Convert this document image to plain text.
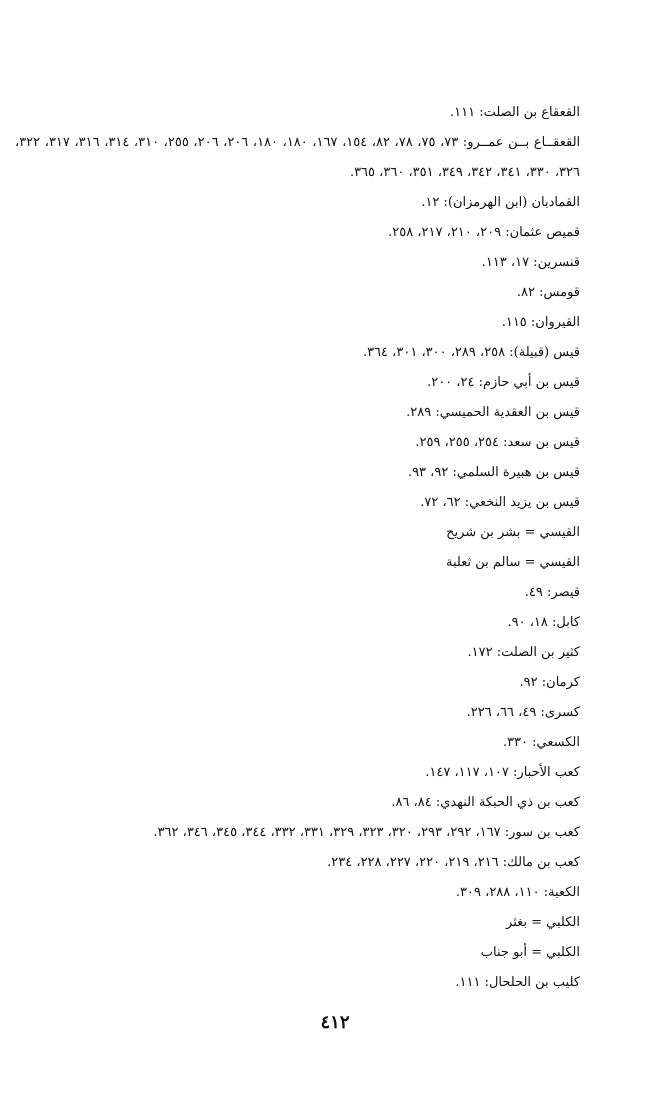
القعقاع بن الصلت: ١١١.
القعقــاع بــن عمــرو: ٧٣، ٧٥، ٧٨، ٨٢، ١٥٤، ١٦٧، ١٨٠، ١٨٠، ٢٠٦، ٢٠٦، ٢٥٥، ٣١٠، ٣١٤، ٣١٦، ٣١٧، ٣٢٢، ٣٢٦، ٣٣٠، ٣٤١، ٣٤٢، ٣٤٩، ٣٥١، ٣٦٠، ٣٦٥.
القمادبان (ابن الهرمزان): ١٢.
قميص عثمان: ٢٠٩، ٢١٠، ٢١٧، ٢٥٨.
قنسرين: ١٧، ١١٣.
قومس: ٨٢.
القيروان: ١١٥.
قيس (قبيلة): ٢٥٨، ٢٨٩، ٣٠٠، ٣٠١، ٣٦٤.
قيس بن أبي حازم: ٢٤، ٢٠٠.
قيس بن العقدية الحميسي: ٢٨٩.
قيس بن سعد: ٢٥٤، ٢٥٥، ٢٥٩.
قيس بن هبيرة السلمي: ٩٢، ٩٣.
قيس بن يزيد النخعي: ٦٢، ٧٢.
القيسي = بشر بن شريح
القيسي = سالم بن ثعلبة
قيصر: ٤٩.
كابل: ١٨، ٩٠.
كثير بن الصلت: ١٧٢.
كرمان: ٩٢.
كسرى: ٤٩، ٦٦، ٢٢٦.
الكسعي: ٣٣٠.
كعب الأحبار: ١٠٧، ١١٧، ١٤٧.
كعب بن ذي الحبكة النهدي: ٨٤، ٨٦.
كعب بن سور: ١٦٧، ٢٩٢، ٢٩٣، ٣٢٠، ٣٢٣، ٣٢٩، ٣٣١، ٣٣٢، ٣٤٤، ٣٤٥، ٣٤٦، ٣٦٢.
كعب بن مالك: ٢١٦، ٢١٩، ٢٢٠، ٢٢٧، ٢٢٨، ٢٣٤.
الكعبة: ١١٠، ٢٨٨، ٣٠٩.
الكلبي = بغثر
الكلبي = أبو جناب
كليب بن الحلحال: ١١١.
٤١٢
